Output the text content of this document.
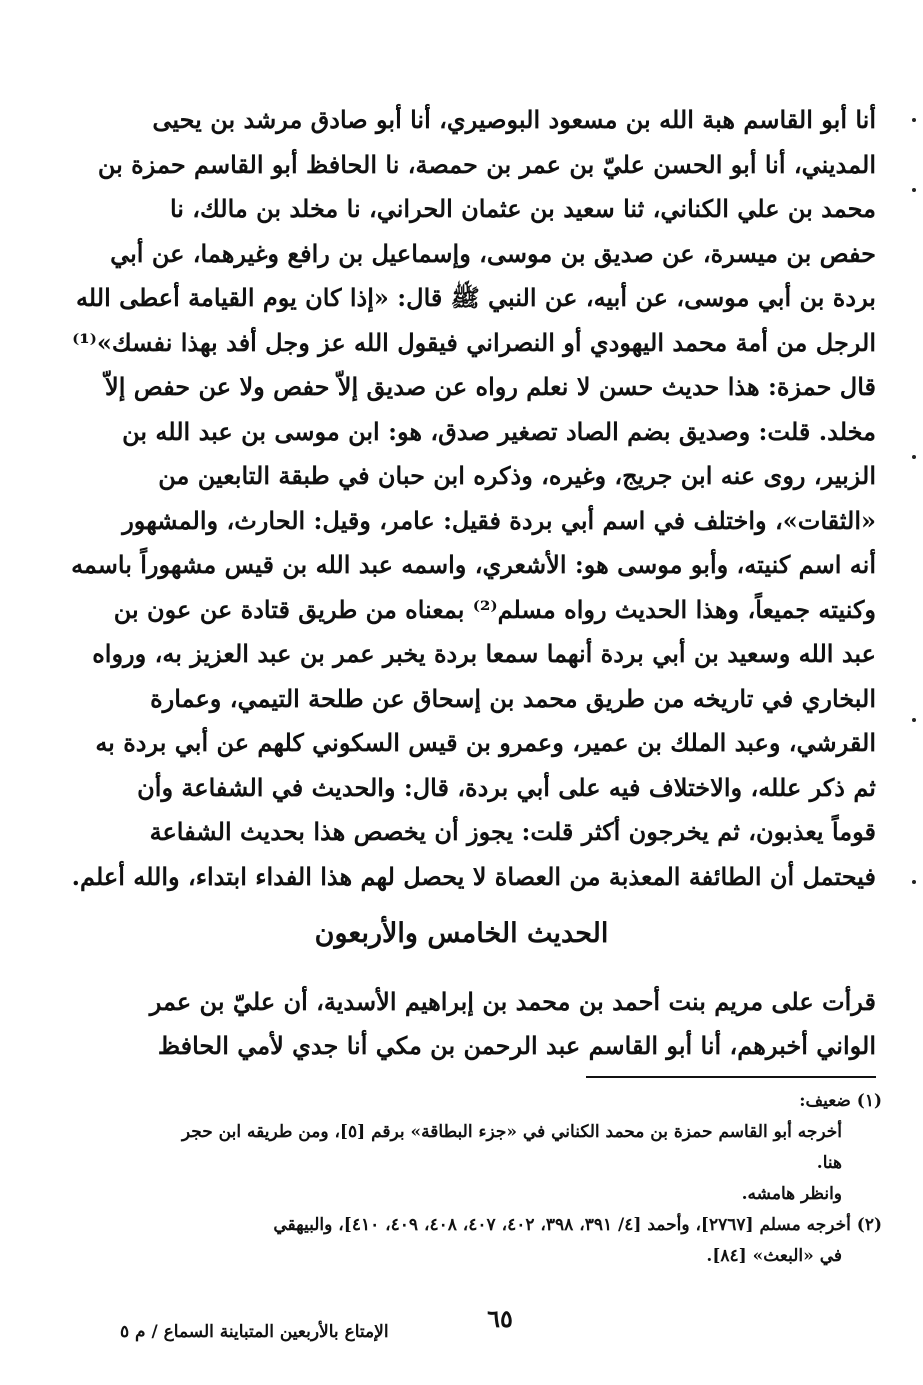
أنا أبو القاسم هبة الله بن مسعود البوصيري، أنا أبو صادق مرشد بن يحيى
المديني، أنا أبو الحسن عليّ بن عمر بن حمصة، نا الحافظ أبو القاسم حمزة بن
محمد بن علي الكناني، ثنا سعيد بن عثمان الحراني، نا مخلد بن مالك، نا
حفص بن ميسرة، عن صديق بن موسى، وإسماعيل بن رافع وغيرهما، عن أبي
بردة بن أبي موسى، عن أبيه، عن النبي ﷺ قال: «إذا كان يوم القيامة أعطى الله
الرجل من أمة محمد اليهودي أو النصراني فيقول الله عز وجل أفد بهذا نفسك»⁽¹⁾
قال حمزة: هذا حديث حسن لا نعلم رواه عن صديق إلاّ حفص ولا عن حفص إلاّ
مخلد. قلت: وصديق بضم الصاد تصغير صدق، هو: ابن موسى بن عبد الله بن
الزبير، روى عنه ابن جريج، وغيره، وذكره ابن حبان في طبقة التابعين من
«الثقات»، واختلف في اسم أبي بردة فقيل: عامر، وقيل: الحارث، والمشهور
أنه اسم كنيته، وأبو موسى هو: الأشعري، واسمه عبد الله بن قيس مشهوراً باسمه
وكنيته جميعاً، وهذا الحديث رواه مسلم⁽²⁾ بمعناه من طريق قتادة عن عون بن
عبد الله وسعيد بن أبي بردة أنهما سمعا بردة يخبر عمر بن عبد العزيز به، ورواه
البخاري في تاريخه من طريق محمد بن إسحاق عن طلحة التيمي، وعمارة
القرشي، وعبد الملك بن عمير، وعمرو بن قيس السكوني كلهم عن أبي بردة به
ثم ذكر علله، والاختلاف فيه على أبي بردة، قال: والحديث في الشفاعة وأن
قوماً يعذبون، ثم يخرجون أكثر قلت: يجوز أن يخصص هذا بحديث الشفاعة
فيحتمل أن الطائفة المعذبة من العصاة لا يحصل لهم هذا الفداء ابتداء، والله أعلم.
الحديث الخامس والأربعون
قرأت على مريم بنت أحمد بن محمد بن إبراهيم الأسدية، أن عليّ بن عمر
الواني أخبرهم، أنا أبو القاسم عبد الرحمن بن مكي أنا جدي لأمي الحافظ
(١) ضعيف:
أخرجه أبو القاسم حمزة بن محمد الكناني في «جزء البطاقة» برقم [٥]، ومن طريقه ابن حجر
هنا.
وانظر هامشه.
(٢) أخرجه مسلم [٢٧٦٧]، وأحمد [٤/ ٣٩١، ٣٩٨، ٤٠٢، ٤٠٧، ٤٠٨، ٤٠٩، ٤١٠]، والبيهقي
في «البعث» [٨٤].
٦٥
الإمتاع بالأربعين المتباينة السماع / م ٥
